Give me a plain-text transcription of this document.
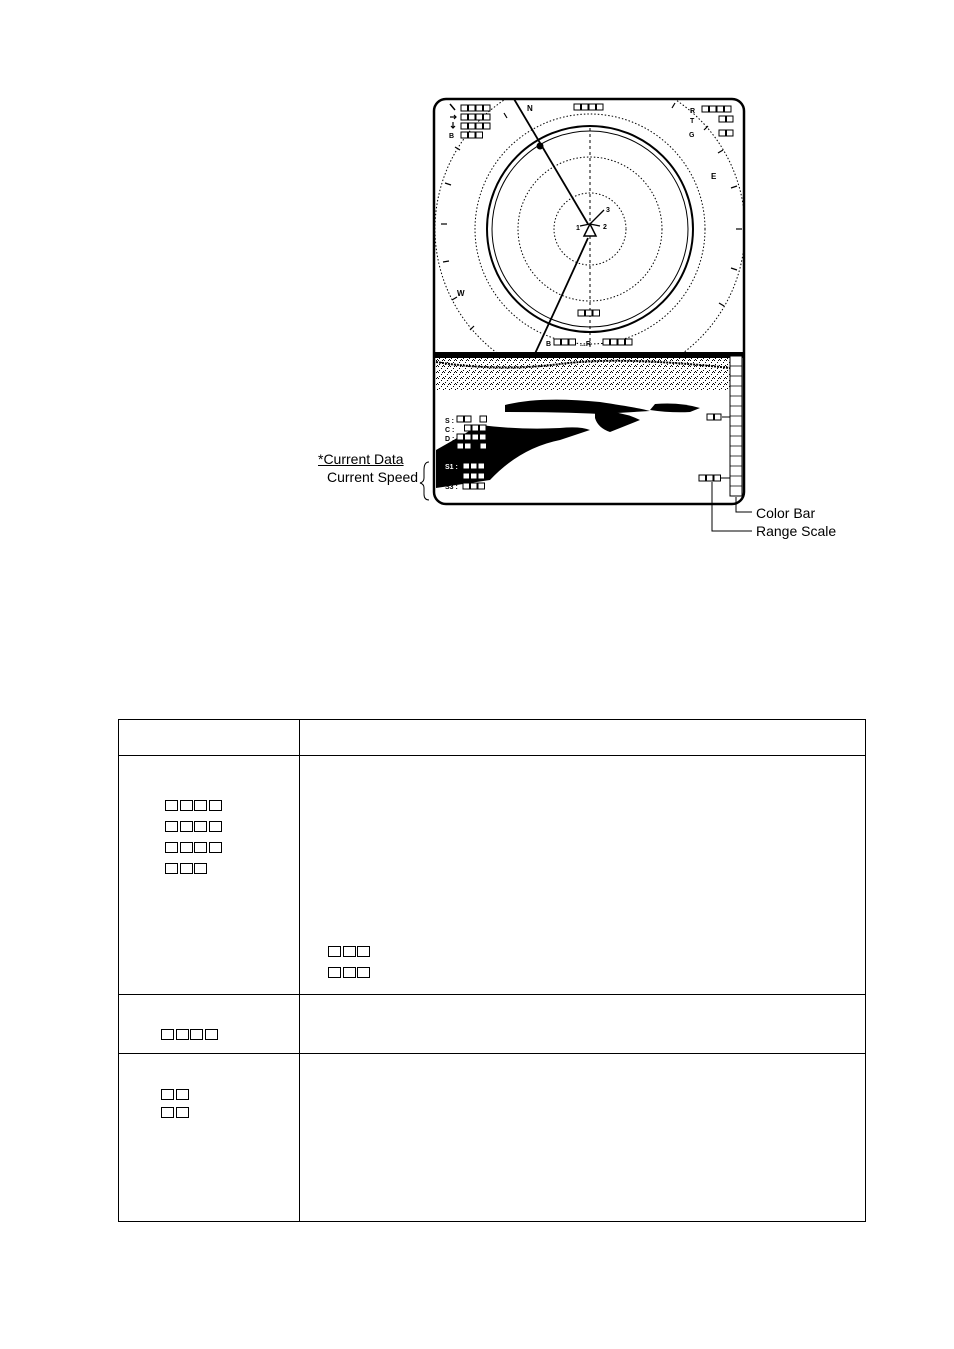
N
E
W
1	2
3
B
R
T
G
B	...R
S :
C :
D :
T :
M
S1 :
S2 :
S3 :
*Current Data
Current Speed
Color Bar
Range Scale
